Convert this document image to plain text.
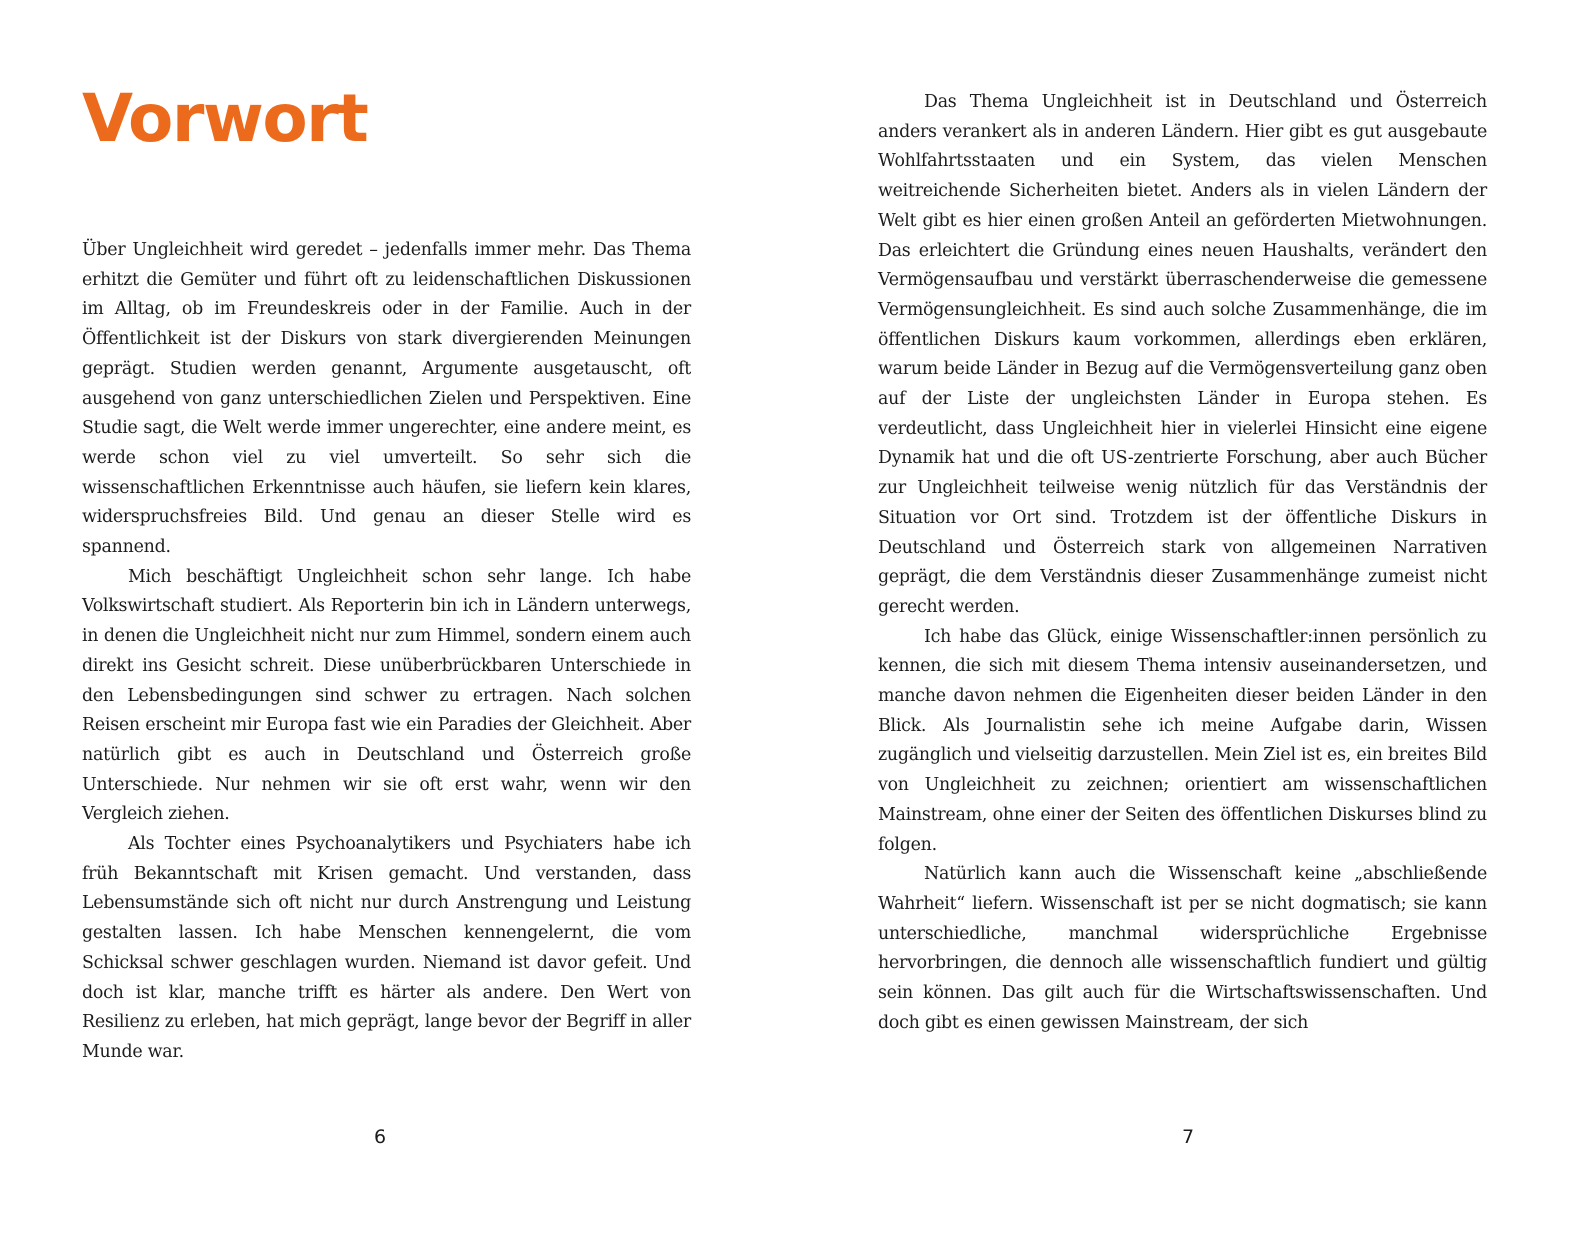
Vorwort

Über Ungleichheit wird geredet – jedenfalls immer mehr. Das Thema erhitzt die Gemüter und führt oft zu leidenschaftlichen Diskussionen im Alltag, ob im Freundeskreis oder in der Familie. Auch in der Öffentlichkeit ist der Diskurs von stark divergierenden Meinungen geprägt. Studien werden genannt, Argumente ausgetauscht, oft ausgehend von ganz unterschiedlichen Zielen und Perspektiven. Eine Studie sagt, die Welt werde immer ungerechter, eine andere meint, es werde schon viel zu viel umverteilt. So sehr sich die wissenschaftlichen Erkenntnisse auch häufen, sie liefern kein klares, widerspruchsfreies Bild. Und genau an dieser Stelle wird es spannend.

Mich beschäftigt Ungleichheit schon sehr lange. Ich habe Volkswirtschaft studiert. Als Reporterin bin ich in Ländern unterwegs, in denen die Ungleichheit nicht nur zum Himmel, sondern einem auch direkt ins Gesicht schreit. Diese unüberbrückbaren Unterschiede in den Lebensbedingungen sind schwer zu ertragen. Nach solchen Reisen erscheint mir Europa fast wie ein Paradies der Gleichheit. Aber natürlich gibt es auch in Deutschland und Österreich große Unterschiede. Nur nehmen wir sie oft erst wahr, wenn wir den Vergleich ziehen.

Als Tochter eines Psychoanalytikers und Psychiaters habe ich früh Bekanntschaft mit Krisen gemacht. Und verstanden, dass Lebensumstände sich oft nicht nur durch Anstrengung und Leistung gestalten lassen. Ich habe Menschen kennengelernt, die vom Schicksal schwer geschlagen wurden. Niemand ist davor gefeit. Und doch ist klar, manche trifft es härter als andere. Den Wert von Resilienz zu erleben, hat mich geprägt, lange bevor der Begriff in aller Munde war.

6

Das Thema Ungleichheit ist in Deutschland und Österreich anders verankert als in anderen Ländern. Hier gibt es gut ausgebaute Wohlfahrtsstaaten und ein System, das vielen Menschen weitreichende Sicherheiten bietet. Anders als in vielen Ländern der Welt gibt es hier einen großen Anteil an geförderten Mietwohnungen. Das erleichtert die Gründung eines neuen Haushalts, verändert den Vermögensaufbau und verstärkt überraschenderweise die gemessene Vermögensungleichheit. Es sind auch solche Zusammenhänge, die im öffentlichen Diskurs kaum vorkommen, allerdings eben erklären, warum beide Länder in Bezug auf die Vermögensverteilung ganz oben auf der Liste der ungleichsten Länder in Europa stehen. Es verdeutlicht, dass Ungleichheit hier in vielerlei Hinsicht eine eigene Dynamik hat und die oft US-zentrierte Forschung, aber auch Bücher zur Ungleichheit teilweise wenig nützlich für das Verständnis der Situation vor Ort sind. Trotzdem ist der öffentliche Diskurs in Deutschland und Österreich stark von allgemeinen Narrativen geprägt, die dem Verständnis dieser Zusammenhänge zumeist nicht gerecht werden.

Ich habe das Glück, einige Wissenschaftler:innen persönlich zu kennen, die sich mit diesem Thema intensiv auseinandersetzen, und manche davon nehmen die Eigenheiten dieser beiden Länder in den Blick. Als Journalistin sehe ich meine Aufgabe darin, Wissen zugänglich und vielseitig darzustellen. Mein Ziel ist es, ein breites Bild von Ungleichheit zu zeichnen; orientiert am wissenschaftlichen Mainstream, ohne einer der Seiten des öffentlichen Diskurses blind zu folgen.

Natürlich kann auch die Wissenschaft keine „abschließende Wahrheit“ liefern. Wissenschaft ist per se nicht dogmatisch; sie kann unterschiedliche, manchmal widersprüchliche Ergebnisse hervorbringen, die dennoch alle wissenschaftlich fundiert und gültig sein können. Das gilt auch für die Wirtschaftswissenschaften. Und doch gibt es einen gewissen Mainstream, der sich

7
